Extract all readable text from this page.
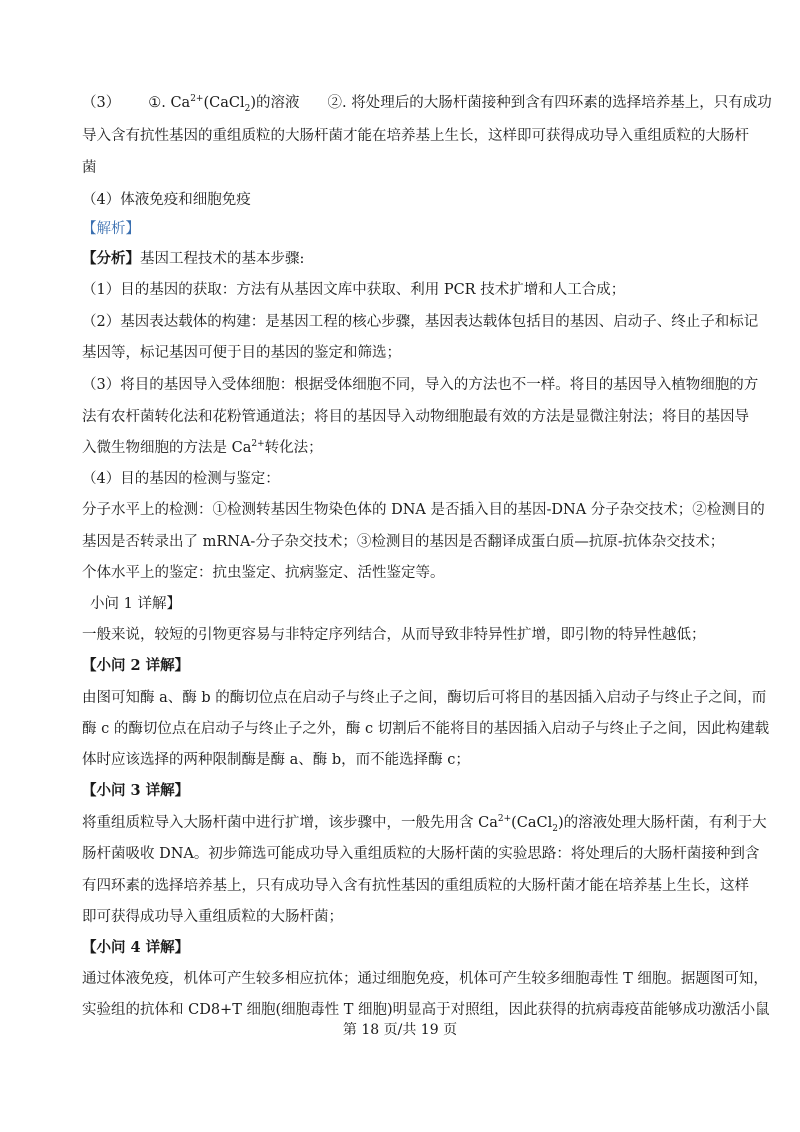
（3） ①. $Ca^{2+}(CaCl_2)$的溶液 ②. 将处理后的大肠杆菌接种到含有四环素的选择培养基上，只有成功
导入含有抗性基因的重组质粒的大肠杆菌才能在培养基上生长，这样即可获得成功导入重组质粒的大肠杆
菌
（4）体液免疫和细胞免疫
【解析】
【分析】基因工程技术的基本步骤:
（1）目的基因的获取：方法有从基因文库中获取、利用 PCR 技术扩增和人工合成；
（2）基因表达载体的构建：是基因工程的核心步骤，基因表达载体包括目的基因、启动子、终止子和标记
基因等，标记基因可便于目的基因的鉴定和筛选；
（3）将目的基因导入受体细胞：根据受体细胞不同，导入的方法也不一样。将目的基因导入植物细胞的方
法有农杆菌转化法和花粉管通道法；将目的基因导入动物细胞最有效的方法是显微注射法；将目的基因导
入微生物细胞的方法是 $Ca^{2+}$转化法；
（4）目的基因的检测与鉴定：
分子水平上的检测：①检测转基因生物染色体的 DNA 是否插入目的基因-DNA 分子杂交技术；②检测目的
基因是否转录出了 mRNA-分子杂交技术；③检测目的基因是否翻译成蛋白质—抗原-抗体杂交技术；
个体水平上的鉴定：抗虫鉴定、抗病鉴定、活性鉴定等。
小问 1 详解】
一般来说，较短的引物更容易与非特定序列结合，从而导致非特异性扩增，即引物的特异性越低；
【小问 2 详解】
由图可知酶 a、酶 b 的酶切位点在启动子与终止子之间，酶切后可将目的基因插入启动子与终止子之间，而
酶 c 的酶切位点在启动子与终止子之外，酶 c 切割后不能将目的基因插入启动子与终止子之间，因此构建载
体时应该选择的两种限制酶是酶 a、酶 b，而不能选择酶 c；
【小问 3 详解】
将重组质粒导入大肠杆菌中进行扩增，该步骤中，一般先用含 $Ca^{2+}(CaCl_2)$的溶液处理大肠杆菌，有利于大
肠杆菌吸收 DNA。初步筛选可能成功导入重组质粒的大肠杆菌的实验思路：将处理后的大肠杆菌接种到含
有四环素的选择培养基上，只有成功导入含有抗性基因的重组质粒的大肠杆菌才能在培养基上生长，这样
即可获得成功导入重组质粒的大肠杆菌；
【小问 4 详解】
通过体液免疫，机体可产生较多相应抗体；通过细胞免疫，机体可产生较多细胞毒性 T 细胞。据题图可知，
实验组的抗体和 CD8+T 细胞(细胞毒性 T 细胞)明显高于对照组，因此获得的抗病毒疫苗能够成功激活小鼠
第 18 页/共 19 页
